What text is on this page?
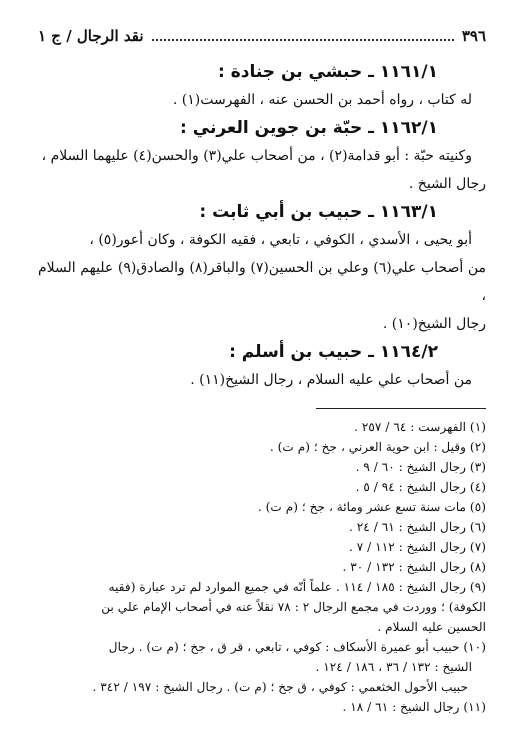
٣٩٦
نقد الرجال / ج ١
١١٦١/١ ـ حبشي بن جنادة :
له كتاب ، رواه أحمد بن الحسن عنه ، الفهرست(١) .
١١٦٢/١ ـ حبّة بن جوين العرني :
وكنيته حبّة : أبو قدامة(٢) ، من أصحاب علي(٣) والحسن(٤) عليهما السلام ،
رجال الشيخ .
١١٦٣/١ ـ حبيب بن أبي ثابت :
أبو يحيى ، الأسدي ، الكوفي ، تابعي ، فقيه الكوفة ، وكان أعور(٥) ،
من أصحاب علي(٦) وعلي بن الحسين(٧) والباقر(٨) والصادق(٩) عليهم السلام ،
رجال الشيخ(١٠) .
١١٦٤/٢ ـ حبيب بن أسلم :
من أصحاب علي عليه السلام ، رجال الشيخ(١١) .
(١) الفهرست : ٦٤ / ٢٥٧ .
(٢) وقيل : ابن حوية العرني ، جخ ؛ (م ت) .
(٣) رجال الشيخ : ٦٠ / ٩ .
(٤) رجال الشيخ : ٩٤ / ٥ .
(٥) مات سنة تسع عشر ومائة ، جخ ؛ (م ت) .
(٦) رجال الشيخ : ٦١ / ٢٤ .
(٧) رجال الشيخ : ١١٢ / ٧ .
(٨) رجال الشيخ : ١٣٢ / ٣٠ .
(٩) رجال الشيخ : ١٨٥ / ١١٤ . علماً أنّه في جميع الموارد لم ترد عبارة (فقيه
الكوفة) ؛ ووردت في مجمع الرجال ٢ : ٧٨ نقلاً عنه في أصحاب الإمام علي بن
الحسين عليه السلام .
(١٠) حبيب أبو عميرة الأسكاف : كوفي ، تابعي ، قر ق ، جخ ؛ (م ت) . رجال
الشيخ : ١٣٢ / ٣٦ ، ١٨٦ / ١٢٤ .
حبيب الأحول الخثعمي : كوفي ، ق جخ ؛ (م ت) . رجال الشيخ : ١٩٧ / ٣٤٢ .
(١١) رجال الشيخ : ٦١ / ١٨ .
